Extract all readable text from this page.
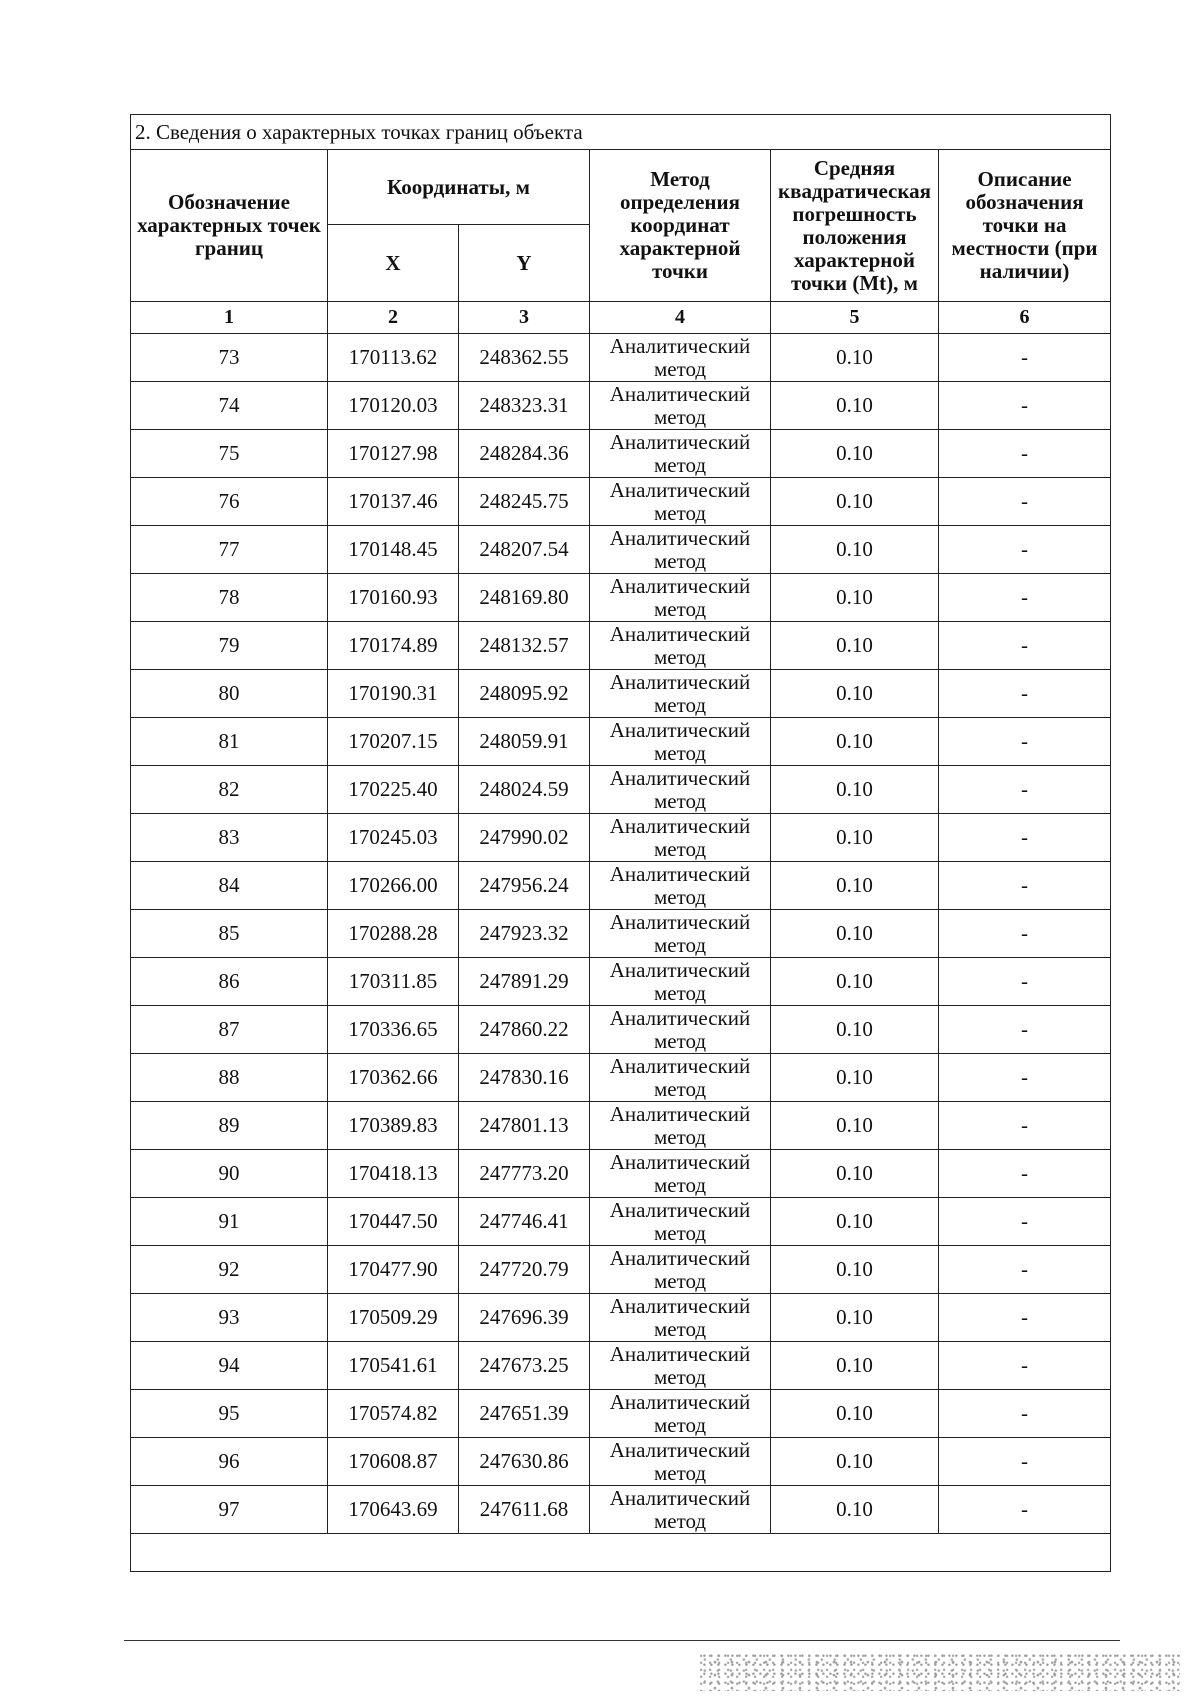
2. Сведения о характерных точках границ объекта					
Обозначение характерных точек границ	Координаты, м		Метод определения координат характерной точки	Средняя квадратическая погрешность положения характерной точки (Mt), м	Описание обозначения точки на местности (при наличии)
	X	Y			
1	2	3	4	5	6
73	170113.62	248362.55	Аналитический метод	0.10	-
74	170120.03	248323.31	Аналитический метод	0.10	-
75	170127.98	248284.36	Аналитический метод	0.10	-
76	170137.46	248245.75	Аналитический метод	0.10	-
77	170148.45	248207.54	Аналитический метод	0.10	-
78	170160.93	248169.80	Аналитический метод	0.10	-
79	170174.89	248132.57	Аналитический метод	0.10	-
80	170190.31	248095.92	Аналитический метод	0.10	-
81	170207.15	248059.91	Аналитический метод	0.10	-
82	170225.40	248024.59	Аналитический метод	0.10	-
83	170245.03	247990.02	Аналитический метод	0.10	-
84	170266.00	247956.24	Аналитический метод	0.10	-
85	170288.28	247923.32	Аналитический метод	0.10	-
86	170311.85	247891.29	Аналитический метод	0.10	-
87	170336.65	247860.22	Аналитический метод	0.10	-
88	170362.66	247830.16	Аналитический метод	0.10	-
89	170389.83	247801.13	Аналитический метод	0.10	-
90	170418.13	247773.20	Аналитический метод	0.10	-
91	170447.50	247746.41	Аналитический метод	0.10	-
92	170477.90	247720.79	Аналитический метод	0.10	-
93	170509.29	247696.39	Аналитический метод	0.10	-
94	170541.61	247673.25	Аналитический метод	0.10	-
95	170574.82	247651.39	Аналитический метод	0.10	-
96	170608.87	247630.86	Аналитический метод	0.10	-
97	170643.69	247611.68	Аналитический метод	0.10	-
